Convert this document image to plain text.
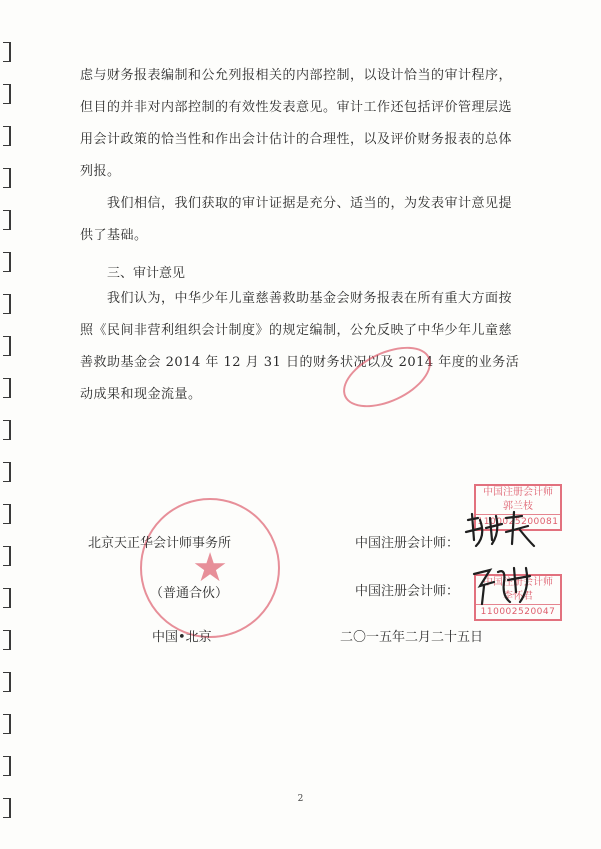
虑与财务报表编制和公允列报相关的内部控制，以设计恰当的审计程序，但目的并非对内部控制的有效性发表意见。审计工作还包括评价管理层选用会计政策的恰当性和作出会计估计的合理性，以及评价财务报表的总体列报。

我们相信，我们获取的审计证据是充分、适当的，为发表审计意见提供了基础。

三、审计意见

我们认为，中华少年儿童慈善救助基金会财务报表在所有重大方面按照《民间非营利组织会计制度》的规定编制，公允反映了中华少年儿童慈善救助基金会 2014 年 12 月 31 日的财务状况以及 2014 年度的业务活动成果和现金流量。

★
北京天正华会计师事务所
（普通合伙）
中国•北京
中国注册会计师：
中国注册会计师：
二〇一五年二月二十五日
中国注册会计师
郭兰枝
1100025200081
中国注册会计师
李怀君
110002520047
2
